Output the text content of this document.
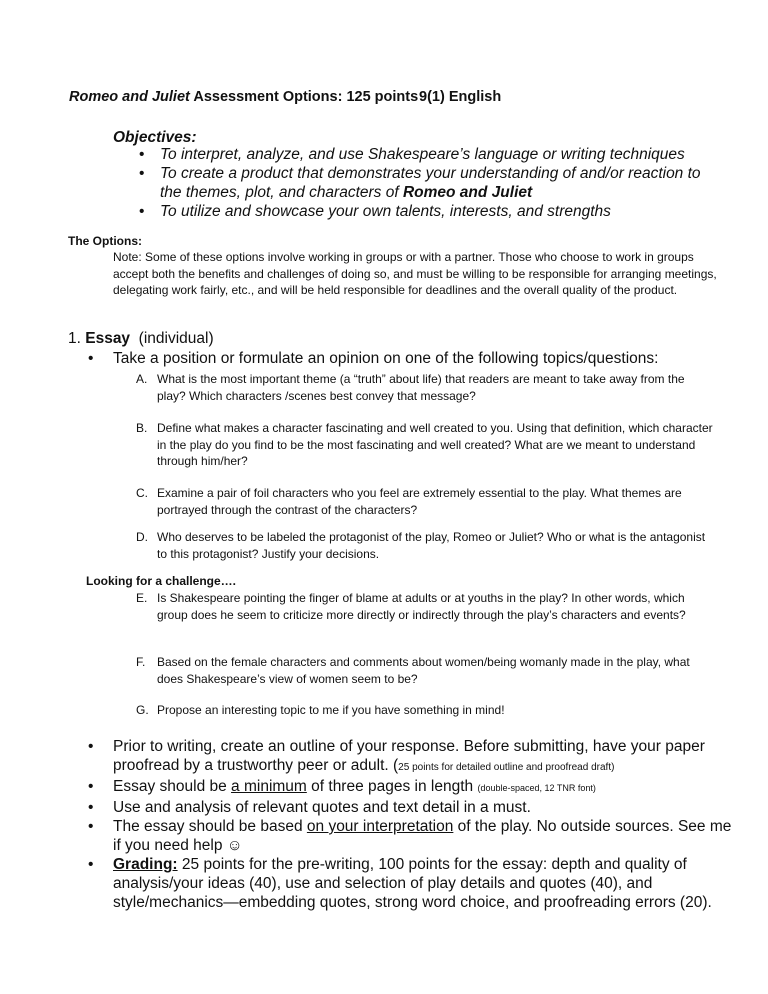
Romeo and Juliet Assessment Options: 125 points 9(1) English
Objectives:
• To interpret, analyze, and use Shakespeare’s language or writing techniques
• To create a product that demonstrates your understanding of and/or reaction to the themes, plot, and characters of Romeo and Juliet
• To utilize and showcase your own talents, interests, and strengths
The Options:
Note: Some of these options involve working in groups or with a partner. Those who choose to work in groups accept both the benefits and challenges of doing so, and must be willing to be responsible for arranging meetings, delegating work fairly, etc., and will be held responsible for deadlines and the overall quality of the product.
1. Essay  (individual)
• Take a position or formulate an opinion on one of the following topics/questions:
A. What is the most important theme (a “truth” about life) that readers are meant to take away from the play? Which characters /scenes best convey that message?
B. Define what makes a character fascinating and well created to you. Using that definition, which character in the play do you find to be the most fascinating and well created? What are we meant to understand through him/her?
C. Examine a pair of foil characters who you feel are extremely essential to the play. What themes are portrayed through the contrast of the characters?
D. Who deserves to be labeled the protagonist of the play, Romeo or Juliet? Who or what is the antagonist to this protagonist? Justify your decisions.
Looking for a challenge….
E. Is Shakespeare pointing the finger of blame at adults or at youths in the play? In other words, which group does he seem to criticize more directly or indirectly through the play’s characters and events?
F. Based on the female characters and comments about women/being womanly made in the play, what does Shakespeare’s view of women seem to be?
G. Propose an interesting topic to me if you have something in mind!
• Prior to writing, create an outline of your response. Before submitting, have your paper proofread by a trustworthy peer or adult. (25 points for detailed outline and proofread draft)
• Essay should be a minimum of three pages in length (double-spaced, 12 TNR font)
• Use and analysis of relevant quotes and text detail in a must.
• The essay should be based on your interpretation of the play. No outside sources. See me if you need help ☺
• Grading: 25 points for the pre-writing, 100 points for the essay: depth and quality of analysis/your ideas (40), use and selection of play details and quotes (40), and style/mechanics—embedding quotes, strong word choice, and proofreading errors (20).
